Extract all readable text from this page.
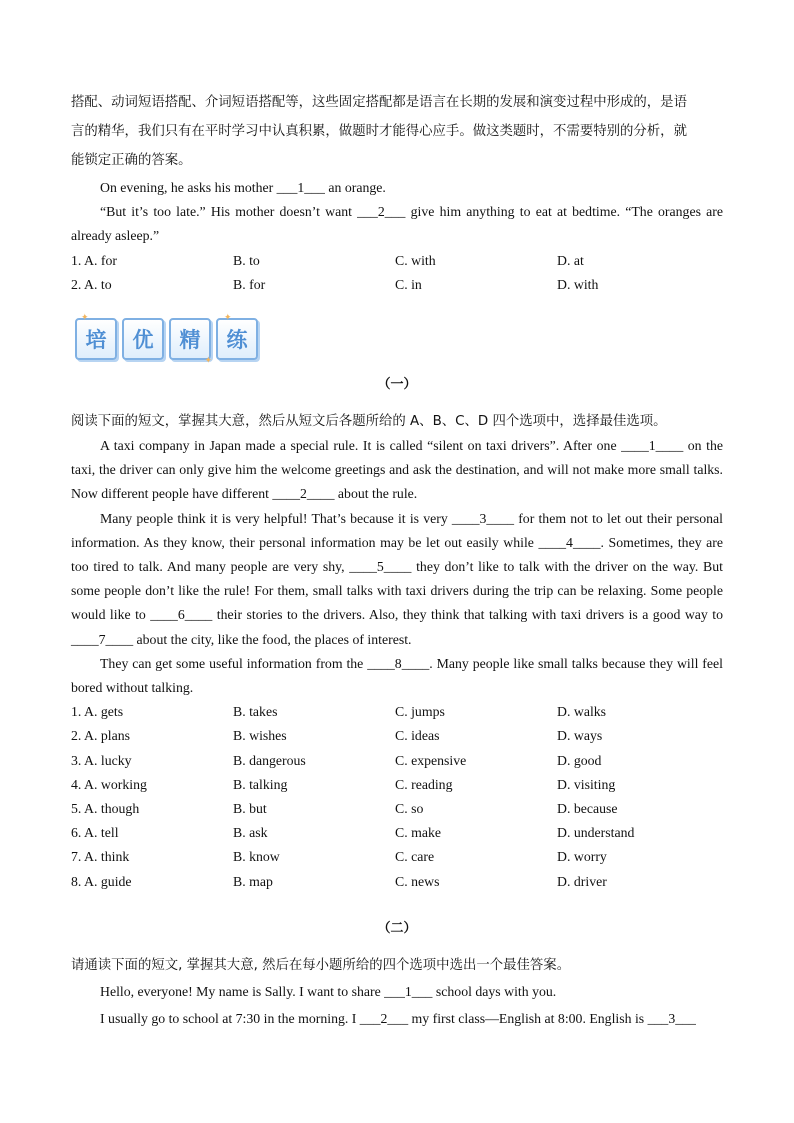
搭配、动词短语搭配、介词短语搭配等，这些固定搭配都是语言在长期的发展和演变过程中形成的，是语

言的精华，我们只有在平时学习中认真积累，做题时才能得心应手。做这类题时，不需要特别的分析，就

能锁定正确的答案。

On evening, he asks his mother ___1___ an orange.

“But it’s too late.” His mother doesn’t want ___2___ give him anything to eat at bedtime. “The oranges are already asleep.”

1. A. for	B. to	C. with	D. at
2. A. to	B. for	C. in	D. with
✦
培 优
✦
精
✦
练

（一）

阅读下面的短文，掌握其大意，然后从短文后各题所给的 A、B、C、D 四个选项中，选择最佳选项。

A taxi company in Japan made a special rule. It is called “silent on taxi drivers”. After one ____1____ on the taxi, the driver can only give him the welcome greetings and ask the destination, and will not make more small talks. Now different people have different ____2____ about the rule.

Many people think it is very helpful! That’s because it is very ____3____ for them not to let out their personal information. As they know, their personal information may be let out easily while ____4____. Sometimes, they are too tired to talk. And many people are very shy, ____5____ they don’t like to talk with the driver on the way. But some people don’t like the rule! For them, small talks with taxi drivers during the trip can be relaxing. Some people would like to ____6____ their stories to the drivers. Also, they think that talking with taxi drivers is a good way to ____7____ about the city, like the food, the places of interest.

They can get some useful information from the ____8____. Many people like small talks because they will feel bored without talking.

1. A. gets	B. takes	C. jumps	D. walks
2. A. plans	B. wishes	C. ideas	D. ways
3. A. lucky	B. dangerous	C. expensive	D. good
4. A. working	B. talking	C. reading	D. visiting
5. A. though	B. but	C. so	D. because
6. A. tell	B. ask	C. make	D. understand
7. A. think	B. know	C. care	D. worry
8. A. guide	B. map	C. news	D. driver

（二）

请通读下面的短文, 掌握其大意, 然后在每小题所给的四个选项中选出一个最佳答案。

Hello, everyone! My name is Sally. I want to share ___1___ school days with you.

I usually go to school at 7:30 in the morning. I ___2___ my first class—English at 8:00. English is ___3___
